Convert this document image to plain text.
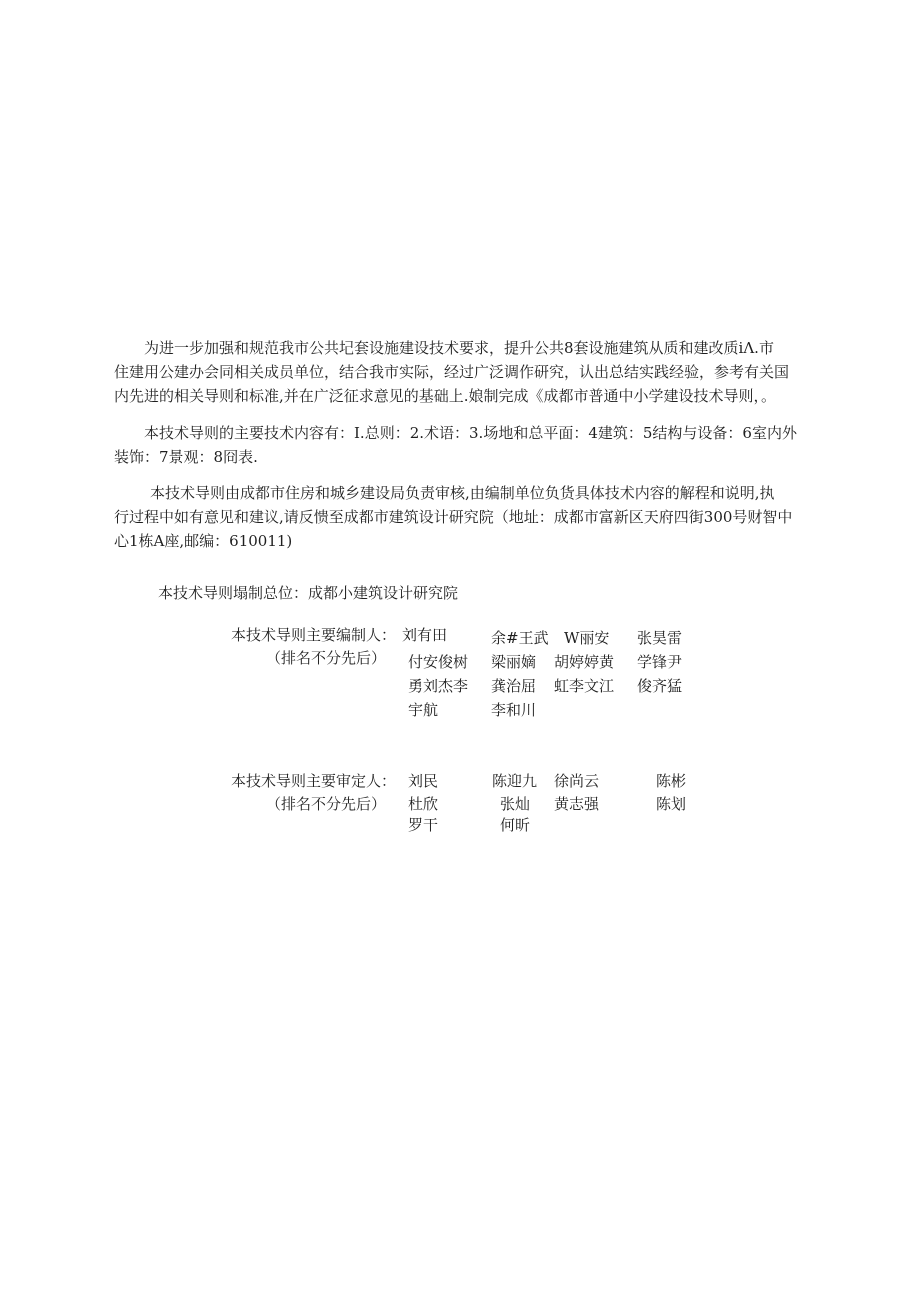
为进一步加强和规范我市公共圮套设施建设技术要求，提升公共8套设施建筑从质和建改质iΛ.市
住建用公建办会同相关成员单位，结合我市实际，经过广泛调作研究，认出总结实践经验，参考有关国
内先进的相关导则和标准,并在广泛征求意见的基础上.娘制完成《成都市普通中小学建设技术导则，。

本技术导则的主要技术内容有：I.总则：2.术语：3.场地和总平面：4建筑：5结构与设备：6室内外
装饰：7景观：8冏表.

本技术导则由成都市住房和城乡建设局负责审核,由编制单位负货具体技术内容的解程和说明,执
行过程中如有意见和建议,请反愦至成都市建筑设计研究院（地址：成都市富新区天府四街300号财智中
心1栋A座,邮编：610011)

本技术导则塌制总位：成都小建筑设计研究院
本技术导则主要编制人：
（排名不分先后）
刘有田	余#王武 W丽安 张昊雷
付安俊树 梁丽嫡 胡婷婷黄 学锋尹
勇刘杰李 龚治屈 虹李文江 俊齐猛
宇航	李和川
本技术导则主要审定人：
（排名不分先后）
刘民	陈迎九 徐尚云	陈彬
杜欣	张灿 黄志强	陈划
罗干	何昕
